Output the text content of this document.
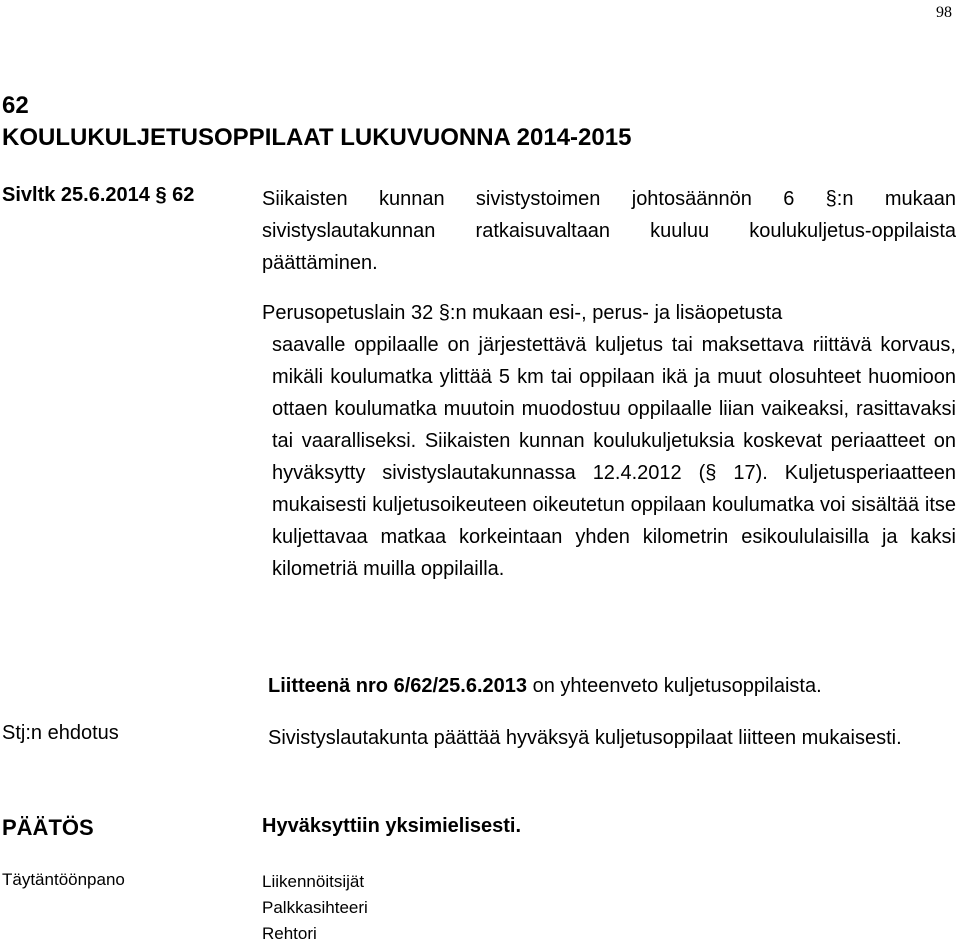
98
62
KOULUKULJETUSOPPILAAT LUKUVUONNA 2014-2015
Sivltk 25.6.2014 § 62	Siikaisten kunnan sivistystoimen johtosäännön 6 §:n mukaan sivistyslautakunnan ratkaisuvaltaan kuuluu koulukuljetus-oppilaista päättäminen.
Perusopetuslain 32 §:n mukaan esi-, perus- ja lisäopetusta
saavalle oppilaalle on järjestettävä kuljetus tai maksettava riittävä korvaus, mikäli koulumatka ylittää 5 km tai oppilaan ikä ja muut olosuhteet huomioon ottaen koulumatka muutoin muodostuu oppilaalle liian vaikeaksi, rasittavaksi tai vaaralliseksi. Siikaisten kunnan koulukuljetuksia koskevat periaatteet on hyväksytty sivistyslautakunnassa 12.4.2012 (§ 17). Kuljetusperiaatteen mukaisesti kuljetusoikeuteen oikeutetun oppilaan koulumatka voi sisältää itse kuljettavaa matkaa korkeintaan yhden kilometrin esikoululaisilla ja kaksi kilometriä muilla oppilailla.
Liitteenä nro 6/62/25.6.2013 on yhteenveto kuljetusoppilaista.
Stj:n ehdotus	Sivistyslautakunta päättää hyväksyä kuljetusoppilaat liitteen mukaisesti.
PÄÄTÖS	Hyväksyttiin yksimielisesti.
Täytäntöönpano	Liikennöitsijät
Palkkasihteeri
Rehtori
